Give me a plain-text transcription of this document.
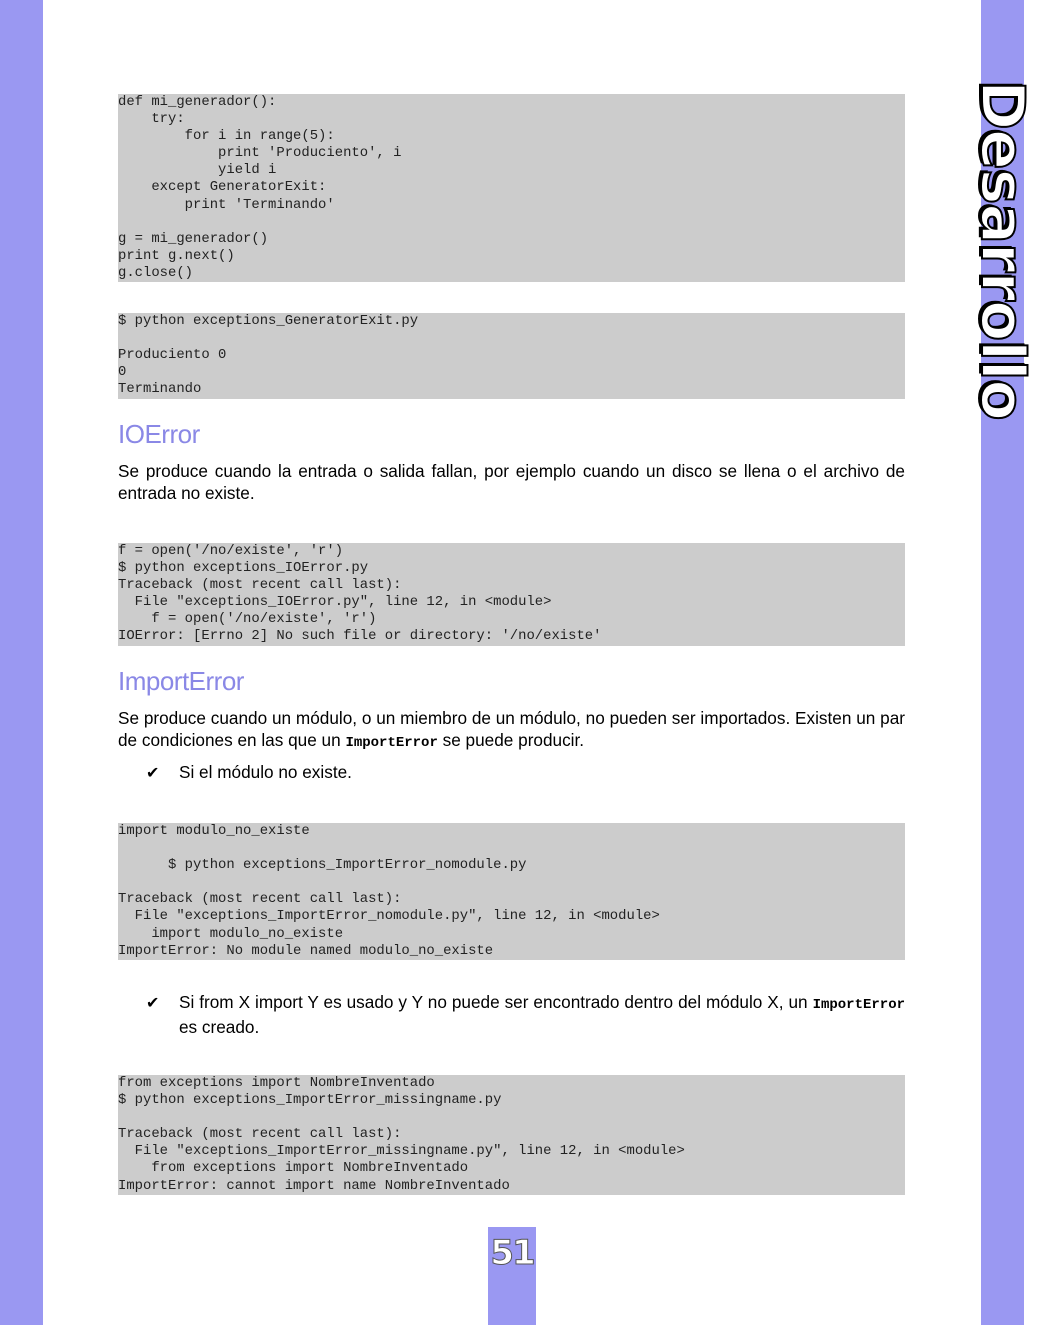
Desarrollo
def mi_generador():
try:
for i in range(5):
print 'Produciento', i
yield i
except GeneratorExit:
print 'Terminando'

g = mi_generador()
print g.next()
g.close()
$ python exceptions_GeneratorExit.py

Produciento 0
0
Terminando
IOError

Se produce cuando la entrada o salida fallan, por ejemplo cuando un disco se llena o el archivo de entrada no existe.

f = open('/no/existe', 'r')
$ python exceptions_IOError.py
Traceback (most recent call last):
File "exceptions_IOError.py", line 12, in <module>
f = open('/no/existe', 'r')
IOError: [Errno 2] No such file or directory: '/no/existe'
ImportError

Se produce cuando un módulo, o un miembro de un módulo, no pueden ser importados. Existen un par de condiciones en las que un ImportError se puede producir.

✔ Si el módulo no existe.

import modulo_no_existe

$ python exceptions_ImportError_nomodule.py

Traceback (most recent call last):
File "exceptions_ImportError_nomodule.py", line 12, in <module>
import modulo_no_existe
ImportError: No module named modulo_no_existe
✔ Si from X import Y es usado y Y no puede ser encontrado dentro del módulo X, un ImportError es creado.

from exceptions import NombreInventado
$ python exceptions_ImportError_missingname.py

Traceback (most recent call last):
File "exceptions_ImportError_missingname.py", line 12, in <module>
from exceptions import NombreInventado
ImportError: cannot import name NombreInventado
51
